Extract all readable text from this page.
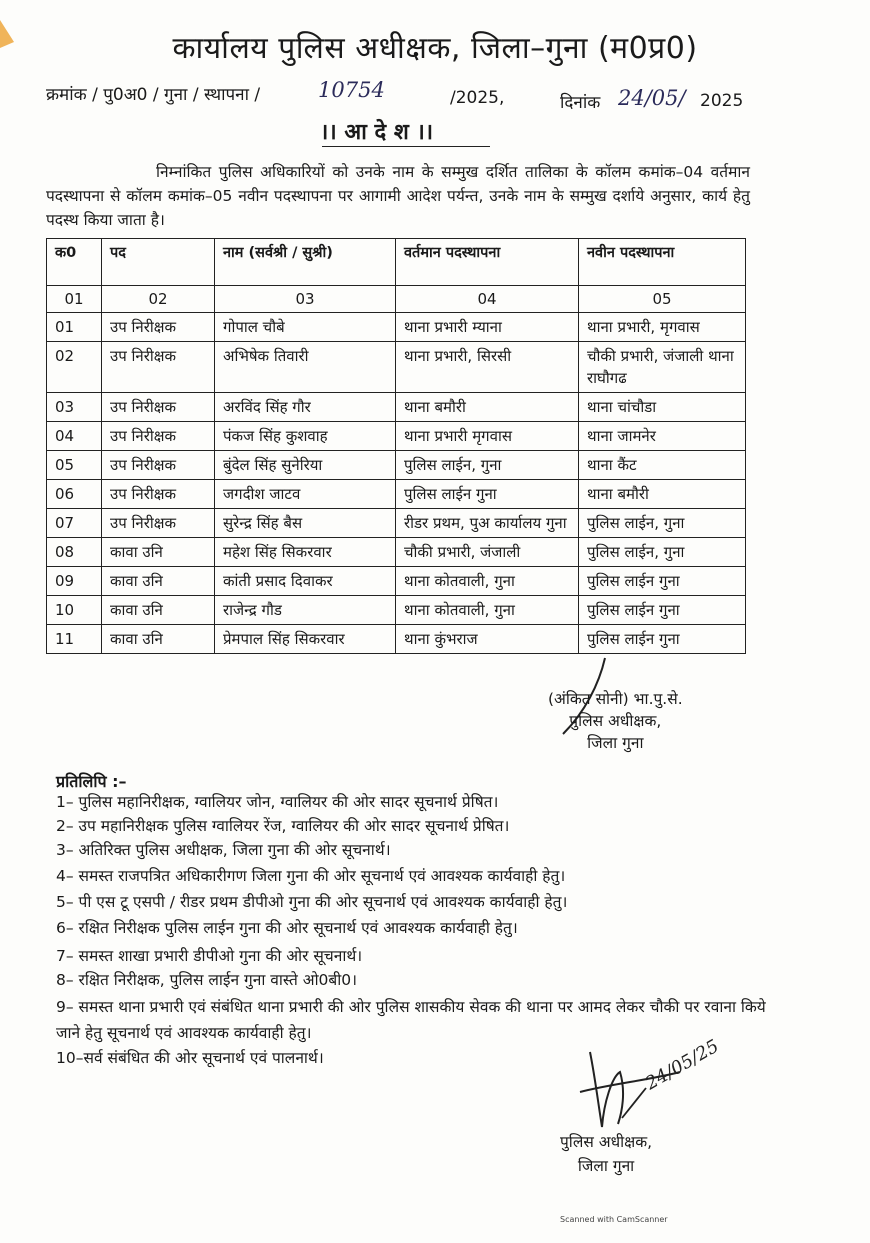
कार्यालय पुलिस अधीक्षक, जिला–गुना (म0प्र0)
क्रमांक / पु0अ0 / गुना / स्थापना /	10754	/2025,	दिनांक 24/05/ 2025
।। आ दे श ।।
निम्नांकित पुलिस अधिकारियों को उनके नाम के सम्मुख दर्शित तालिका के कॉलम कमांक–04 वर्तमान पदस्थापना से कॉलम कमांक–05 नवीन पदस्थापना पर आगामी आदेश पर्यन्त, उनके नाम के सम्मुख दर्शाये अनुसार, कार्य हेतु पदस्थ किया जाता है।
क0	पद	नाम (सर्वश्री / सुश्री)	वर्तमान पदस्थापना	नवीन पदस्थापना
01	02	03	04	05
01	उप निरीक्षक	गोपाल चौबे	थाना प्रभारी म्याना	थाना प्रभारी, मृगवास
02	उप निरीक्षक	अभिषेक तिवारी	थाना प्रभारी, सिरसी	चौकी प्रभारी, जंजाली थाना राघौगढ
03	उप निरीक्षक	अरविंद सिंह गौर	थाना बमौरी	थाना चांचौडा
04	उप निरीक्षक	पंकज सिंह कुशवाह	थाना प्रभारी मृगवास	थाना जामनेर
05	उप निरीक्षक	बुंदेल सिंह सुनेरिया	पुलिस लाईन, गुना	थाना कैंट
06	उप निरीक्षक	जगदीश जाटव	पुलिस लाईन गुना	थाना बमौरी
07	उप निरीक्षक	सुरेन्द्र सिंह बैस	रीडर प्रथम, पुअ कार्यालय गुना	पुलिस लाईन, गुना
08	कावा उनि	महेश सिंह सिकरवार	चौकी प्रभारी, जंजाली	पुलिस लाईन, गुना
09	कावा उनि	कांती प्रसाद दिवाकर	थाना कोतवाली, गुना	पुलिस लाईन गुना
10	कावा उनि	राजेन्द्र गौड	थाना कोतवाली, गुना	पुलिस लाईन गुना
11	कावा उनि	प्रेमपाल सिंह सिकरवार	थाना कुंभराज	पुलिस लाईन गुना
(अंकित सोनी) भा.पु.से.
पुलिस अधीक्षक,
जिला गुना
प्रतिलिपि :–
1– पुलिस महानिरीक्षक, ग्वालियर जोन, ग्वालियर की ओर सादर सूचनार्थ प्रेषित।
2– उप महानिरीक्षक पुलिस ग्वालियर रेंज, ग्वालियर की ओर सादर सूचनार्थ प्रेषित।
3– अतिरिक्त पुलिस अधीक्षक, जिला गुना की ओर सूचनार्थ।
4– समस्त राजपत्रित अधिकारीगण जिला गुना की ओर सूचनार्थ एवं आवश्यक कार्यवाही हेतु।
5– पी एस टू एसपी / रीडर प्रथम डीपीओ गुना की ओर सूचनार्थ एवं आवश्यक कार्यवाही हेतु।
6– रक्षित निरीक्षक पुलिस लाईन गुना की ओर सूचनार्थ एवं आवश्यक कार्यवाही हेतु।
7– समस्त शाखा प्रभारी डीपीओ गुना की ओर सूचनार्थ।
8– रक्षित निरीक्षक, पुलिस लाईन गुना वास्ते ओ0बी0।
9– समस्त थाना प्रभारी एवं संबंधित थाना प्रभारी की ओर पुलिस शासकीय सेवक की थाना पर आमद लेकर चौकी पर रवाना किये जाने हेतु सूचनार्थ एवं आवश्यक कार्यवाही हेतु।
10–सर्व संबंधित की ओर सूचनार्थ एवं पालनार्थ।	24/05/25
पुलिस अधीक्षक,
जिला गुना
Scanned with CamScanner
